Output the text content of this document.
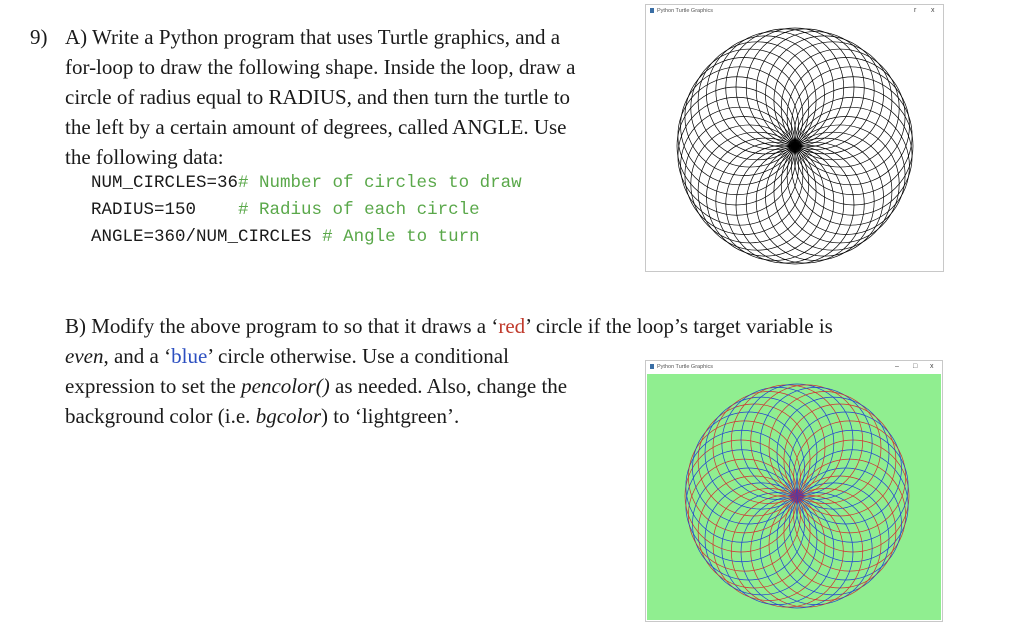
9) A) Write a Python program that uses Turtle graphics, and a
for-loop to draw the following shape. Inside the loop, draw a
circle of radius equal to RADIUS, and then turn the turtle to
the left by a certain amount of degrees, called ANGLE. Use
the following data:
NUM_CIRCLES=36# Number of circles to draw
RADIUS=150 # Radius of each circle
ANGLE=360/NUM_CIRCLES # Angle to turn
B) Modify the above program to so that it draws a ‘red’ circle if the loop’s target variable is
even, and a ‘blue’ circle otherwise. Use a conditional
expression to set the pencolor() as needed. Also, change the
background color (i.e. bgcolor) to ‘lightgreen’.
Python Turtle Graphics	r x
Python Turtle Graphics	– □ x
